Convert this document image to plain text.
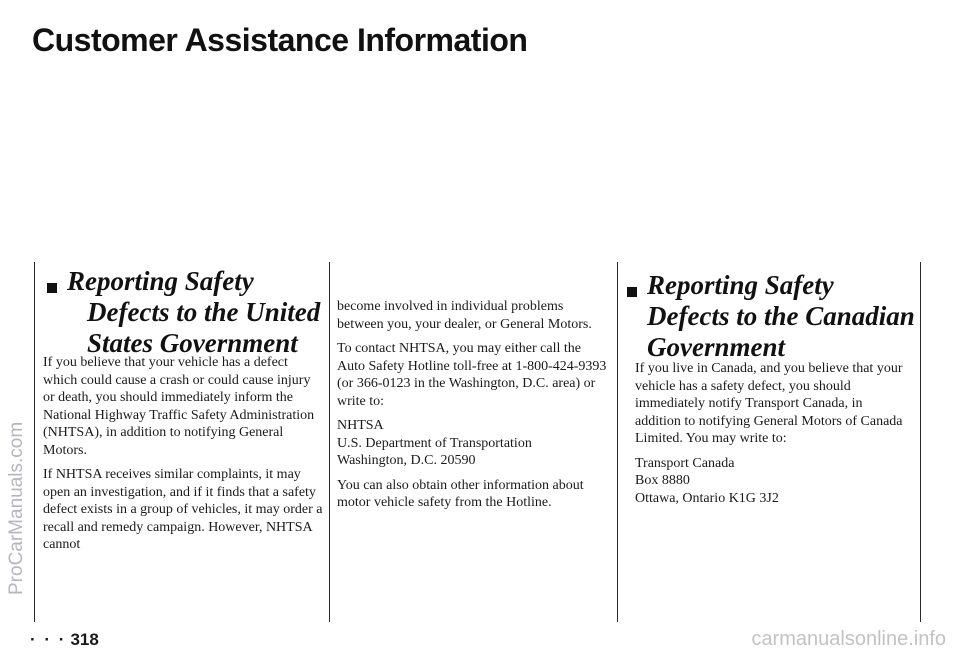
Customer Assistance Information
Reporting Safety
Defects to the United
States Government

If you believe that your vehicle has a defect which could cause a crash or could cause injury or death, you should immediately inform the National Highway Traffic Safety Administration (NHTSA), in addition to notifying General Motors.

If NHTSA receives similar complaints, it may open an investigation, and if it finds that a safety defect exists in a group of vehicles, it may order a recall and remedy campaign. However, NHTSA cannot

become involved in individual problems between you, your dealer, or General Motors.

To contact NHTSA, you may either call the Auto Safety Hotline toll-free at 1-800-424-9393 (or 366-0123 in the Washington, D.C. area) or write to:

NHTSA
U.S. Department of Transportation
Washington, D.C. 20590

You can also obtain other information about motor vehicle safety from the Hotline.

Reporting Safety
Defects to the Canadian
Government

If you live in Canada, and you believe that your vehicle has a safety defect, you should immediately notify Transport Canada, in addition to notifying General Motors of Canada Limited. You may write to:

Transport Canada
Box 8880
Ottawa, Ontario K1G 3J2
· · · 318
ProCarManuals.com
carmanualsonline.info
